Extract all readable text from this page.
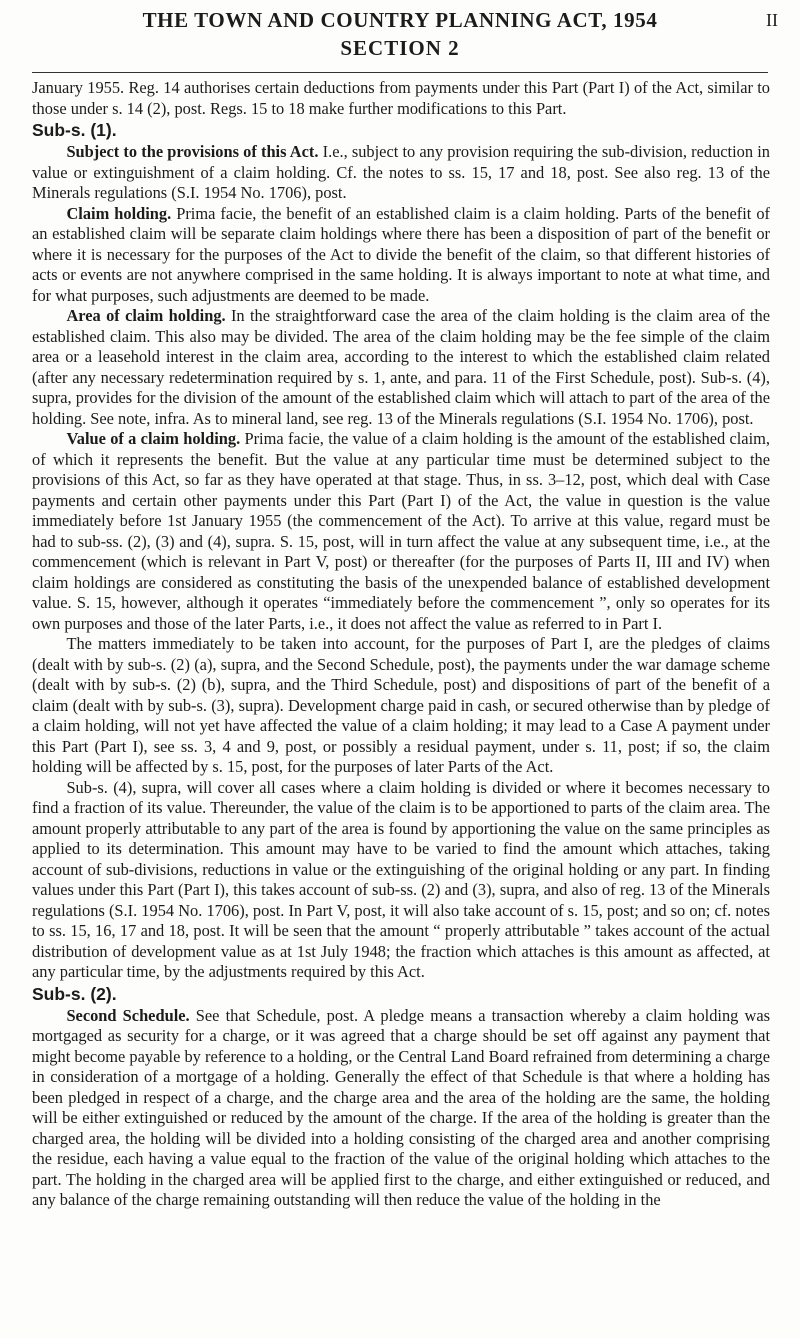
THE TOWN AND COUNTRY PLANNING ACT, 1954	II
SECTION 2

January 1955. Reg. 14 authorises certain deductions from payments under this Part (Part I) of the Act, similar to those under s. 14 (2), post. Regs. 15 to 18 make further modifications to this Part.

Sub-s. (1).

Subject to the provisions of this Act. I.e., subject to any provision requiring the sub-division, reduction in value or extinguishment of a claim holding. Cf. the notes to ss. 15, 17 and 18, post. See also reg. 13 of the Minerals regulations (S.I. 1954 No. 1706), post.

Claim holding. Prima facie, the benefit of an established claim is a claim holding. Parts of the benefit of an established claim will be separate claim holdings where there has been a disposition of part of the benefit or where it is necessary for the purposes of the Act to divide the benefit of the claim, so that different histories of acts or events are not anywhere comprised in the same holding. It is always important to note at what time, and for what purposes, such adjustments are deemed to be made.

Area of claim holding. In the straightforward case the area of the claim holding is the claim area of the established claim. This also may be divided. The area of the claim holding may be the fee simple of the claim area or a leasehold interest in the claim area, according to the interest to which the established claim related (after any necessary redetermination required by s. 1, ante, and para. 11 of the First Schedule, post). Sub-s. (4), supra, provides for the division of the amount of the established claim which will attach to part of the area of the holding. See note, infra. As to mineral land, see reg. 13 of the Minerals regulations (S.I. 1954 No. 1706), post.

Value of a claim holding. Prima facie, the value of a claim holding is the amount of the established claim, of which it represents the benefit. But the value at any particular time must be determined subject to the provisions of this Act, so far as they have operated at that stage. Thus, in ss. 3–12, post, which deal with Case payments and certain other payments under this Part (Part I) of the Act, the value in question is the value immediately before 1st January 1955 (the commencement of the Act). To arrive at this value, regard must be had to sub-ss. (2), (3) and (4), supra. S. 15, post, will in turn affect the value at any subsequent time, i.e., at the commencement (which is relevant in Part V, post) or thereafter (for the purposes of Parts II, III and IV) when claim holdings are considered as constituting the basis of the unexpended balance of established development value. S. 15, however, although it operates “immediately before the commencement ”, only so operates for its own purposes and those of the later Parts, i.e., it does not affect the value as referred to in Part I.

The matters immediately to be taken into account, for the purposes of Part I, are the pledges of claims (dealt with by sub-s. (2) (a), supra, and the Second Schedule, post), the payments under the war damage scheme (dealt with by sub-s. (2) (b), supra, and the Third Schedule, post) and dispositions of part of the benefit of a claim (dealt with by sub-s. (3), supra). Development charge paid in cash, or secured otherwise than by pledge of a claim holding, will not yet have affected the value of a claim holding; it may lead to a Case A payment under this Part (Part I), see ss. 3, 4 and 9, post, or possibly a residual payment, under s. 11, post; if so, the claim holding will be affected by s. 15, post, for the purposes of later Parts of the Act.

Sub-s. (4), supra, will cover all cases where a claim holding is divided or where it becomes necessary to find a fraction of its value. Thereunder, the value of the claim is to be apportioned to parts of the claim area. The amount properly attributable to any part of the area is found by apportioning the value on the same principles as applied to its determination. This amount may have to be varied to find the amount which attaches, taking account of sub-divisions, reductions in value or the extinguishing of the original holding or any part. In finding values under this Part (Part I), this takes account of sub-ss. (2) and (3), supra, and also of reg. 13 of the Minerals regulations (S.I. 1954 No. 1706), post. In Part V, post, it will also take account of s. 15, post; and so on; cf. notes to ss. 15, 16, 17 and 18, post. It will be seen that the amount “ properly attributable ” takes account of the actual distribution of development value as at 1st July 1948; the fraction which attaches is this amount as affected, at any particular time, by the adjustments required by this Act.

Sub-s. (2).

Second Schedule. See that Schedule, post. A pledge means a transaction whereby a claim holding was mortgaged as security for a charge, or it was agreed that a charge should be set off against any payment that might become payable by reference to a holding, or the Central Land Board refrained from determining a charge in consideration of a mortgage of a holding. Generally the effect of that Schedule is that where a holding has been pledged in respect of a charge, and the charge area and the area of the holding are the same, the holding will be either extinguished or reduced by the amount of the charge. If the area of the holding is greater than the charged area, the holding will be divided into a holding consisting of the charged area and another comprising the residue, each having a value equal to the fraction of the value of the original holding which attaches to the part. The holding in the charged area will be applied first to the charge, and either extinguished or reduced, and any balance of the charge remaining outstanding will then reduce the value of the holding in the
